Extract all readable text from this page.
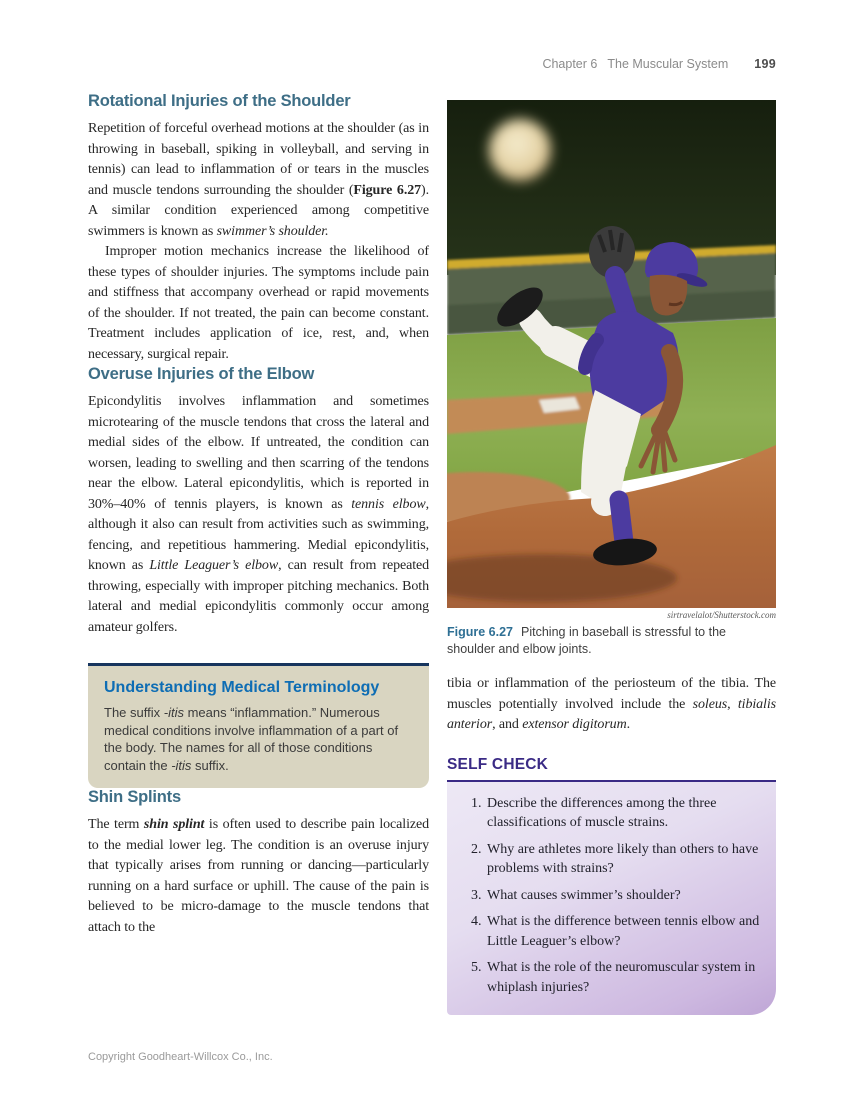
Chapter 6 The Muscular System 199
Rotational Injuries of the Shoulder

Repetition of forceful overhead motions at the shoulder (as in throwing in baseball, spiking in volleyball, and serving in tennis) can lead to inflammation of or tears in the muscles and muscle tendons surrounding the shoulder (Figure 6.27). A similar condition experienced among competitive swimmers is known as swimmer’s shoulder.

Improper motion mechanics increase the likelihood of these types of shoulder injuries. The symptoms include pain and stiffness that accompany overhead or rapid movements of the shoulder. If not treated, the pain can become constant. Treatment includes application of ice, rest, and, when necessary, surgical repair.

Overuse Injuries of the Elbow

Epicondylitis involves inflammation and sometimes microtearing of the muscle tendons that cross the lateral and medial sides of the elbow. If untreated, the condition can worsen, leading to swelling and then scarring of the tendons near the elbow. Lateral epicondylitis, which is reported in 30%–40% of tennis players, is known as tennis elbow, although it also can result from activities such as swimming, fencing, and repetitious hammering. Medial epicondylitis, known as Little Leaguer’s elbow, can result from repeated throwing, especially with improper pitching mechanics. Both lateral and medial epicondylitis commonly occur among amateur golfers.

Understanding Medical Terminology

The suffix -itis means “inflammation.” Numerous medical conditions involve inflammation of a part of the body. The names for all of those conditions contain the -itis suffix.

Shin Splints

The term shin splint is often used to describe pain localized to the medial lower leg. The condition is an overuse injury that typically arises from running or dancing—particularly running on a hard surface or uphill. The cause of the pain is believed to be micro-damage to the muscle tendons that attach to the

sirtravelalot/Shutterstock.com

Figure 6.27 Pitching in baseball is stressful to the shoulder and elbow joints.

tibia or inflammation of the periosteum of the tibia. The muscles potentially involved include the soleus, tibialis anterior, and extensor digitorum.

SELF CHECK
1. Describe the differences among the three classifications of muscle strains.
2. Why are athletes more likely than others to have problems with strains?
3. What causes swimmer’s shoulder?
4. What is the difference between tennis elbow and Little Leaguer’s elbow?
5. What is the role of the neuromuscular system in whiplash injuries?
Copyright Goodheart-Willcox Co., Inc.
